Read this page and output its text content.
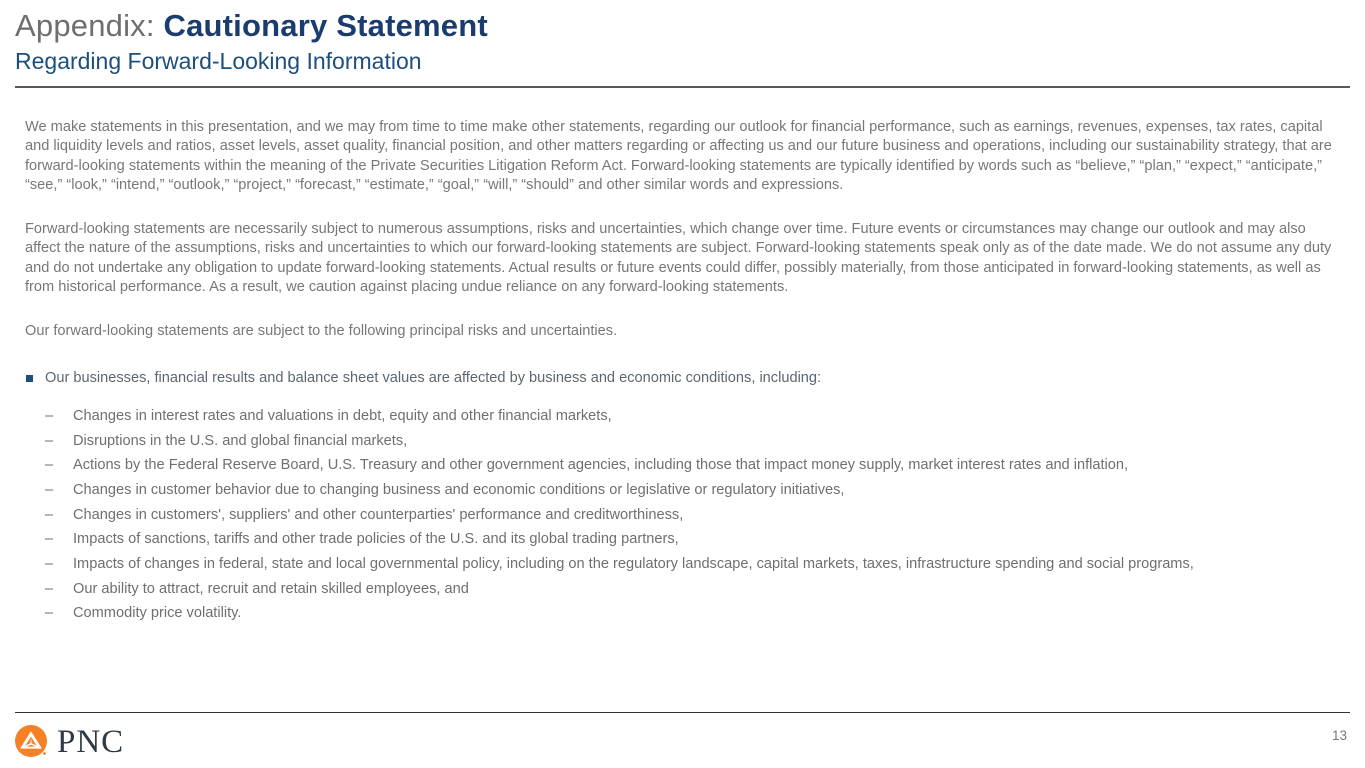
Appendix: Cautionary Statement
Regarding Forward-Looking Information

We make statements in this presentation, and we may from time to time make other statements, regarding our outlook for financial performance, such as earnings, revenues, expenses, tax rates, capital and liquidity levels and ratios, asset levels, asset quality, financial position, and other matters regarding or affecting us and our future business and operations, including our sustainability strategy, that are forward-looking statements within the meaning of the Private Securities Litigation Reform Act. Forward-looking statements are typically identified by words such as “believe,” “plan,” “expect,” “anticipate,” “see,” “look,” “intend,” “outlook,” “project,” “forecast,” “estimate,” “goal,” “will,” “should” and other similar words and expressions.

Forward-looking statements are necessarily subject to numerous assumptions, risks and uncertainties, which change over time. Future events or circumstances may change our outlook and may also affect the nature of the assumptions, risks and uncertainties to which our forward-looking statements are subject. Forward-looking statements speak only as of the date made. We do not assume any duty and do not undertake any obligation to update forward-looking statements. Actual results or future events could differ, possibly materially, from those anticipated in forward-looking statements, as well as from historical performance. As a result, we caution against placing undue reliance on any forward-looking statements.

Our forward-looking statements are subject to the following principal risks and uncertainties.

Our businesses, financial results and balance sheet values are affected by business and economic conditions, including:
– Changes in interest rates and valuations in debt, equity and other financial markets,
– Disruptions in the U.S. and global financial markets,
– Actions by the Federal Reserve Board, U.S. Treasury and other government agencies, including those that impact money supply, market interest rates and inflation,
– Changes in customer behavior due to changing business and economic conditions or legislative or regulatory initiatives,
– Changes in customers', suppliers' and other counterparties' performance and creditworthiness,
– Impacts of sanctions, tariffs and other trade policies of the U.S. and its global trading partners,
– Impacts of changes in federal, state and local governmental policy, including on the regulatory landscape, capital markets, taxes, infrastructure spending and social programs,
– Our ability to attract, recruit and retain skilled employees, and
– Commodity price volatility.
PNC	13
